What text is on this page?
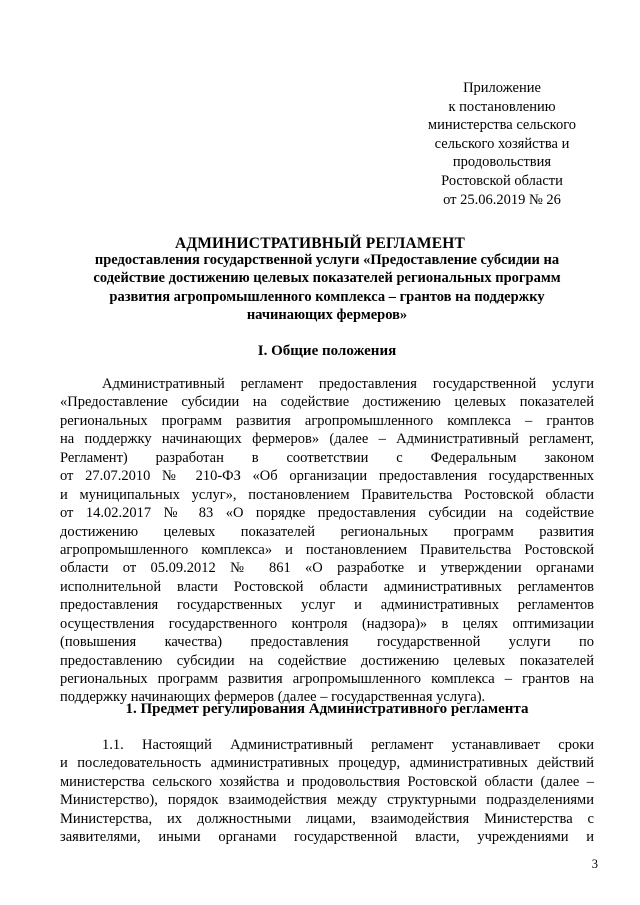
Приложение
к постановлению
министерства сельского
сельского хозяйства и
продовольствия
Ростовской области
от 25.06.2019 № 26
АДМИНИСТРАТИВНЫЙ РЕГЛАМЕНТ
предоставления государственной услуги «Предоставление субсидии на
содействие достижению целевых показателей региональных программ
развития агропромышленного комплекса – грантов на поддержку
начинающих фермеров»
I. Общие положения
Административный регламент предоставления государственной услуги
«Предоставление субсидии на содействие достижению целевых показателей
региональных программ развития агропромышленного комплекса – грантов
на поддержку начинающих фермеров» (далее – Административный регламент,
Регламент) разработан в соответствии с Федеральным законом
от 27.07.2010 № 210-ФЗ «Об организации предоставления государственных
и муниципальных услуг», постановлением Правительства Ростовской области
от 14.02.2017 № 83 «О порядке предоставления субсидии на содействие
достижению целевых показателей региональных программ развития
агропромышленного комплекса» и постановлением Правительства Ростовской
области от 05.09.2012 № 861 «О разработке и утверждении органами
исполнительной власти Ростовской области административных регламентов
предоставления государственных услуг и административных регламентов
осуществления государственного контроля (надзора)» в целях оптимизации
(повышения качества) предоставления государственной услуги по
предоставлению субсидии на содействие достижению целевых показателей
региональных программ развития агропромышленного комплекса – грантов на
поддержку начинающих фермеров (далее – государственная услуга).
1. Предмет регулирования Административного регламента
1.1. Настоящий Административный регламент устанавливает сроки
и последовательность административных процедур, административных действий
министерства сельского хозяйства и продовольствия Ростовской области (далее –
Министерство), порядок взаимодействия между структурными подразделениями
Министерства, их должностными лицами, взаимодействия Министерства с
заявителями, иными органами государственной власти, учреждениями и
3
